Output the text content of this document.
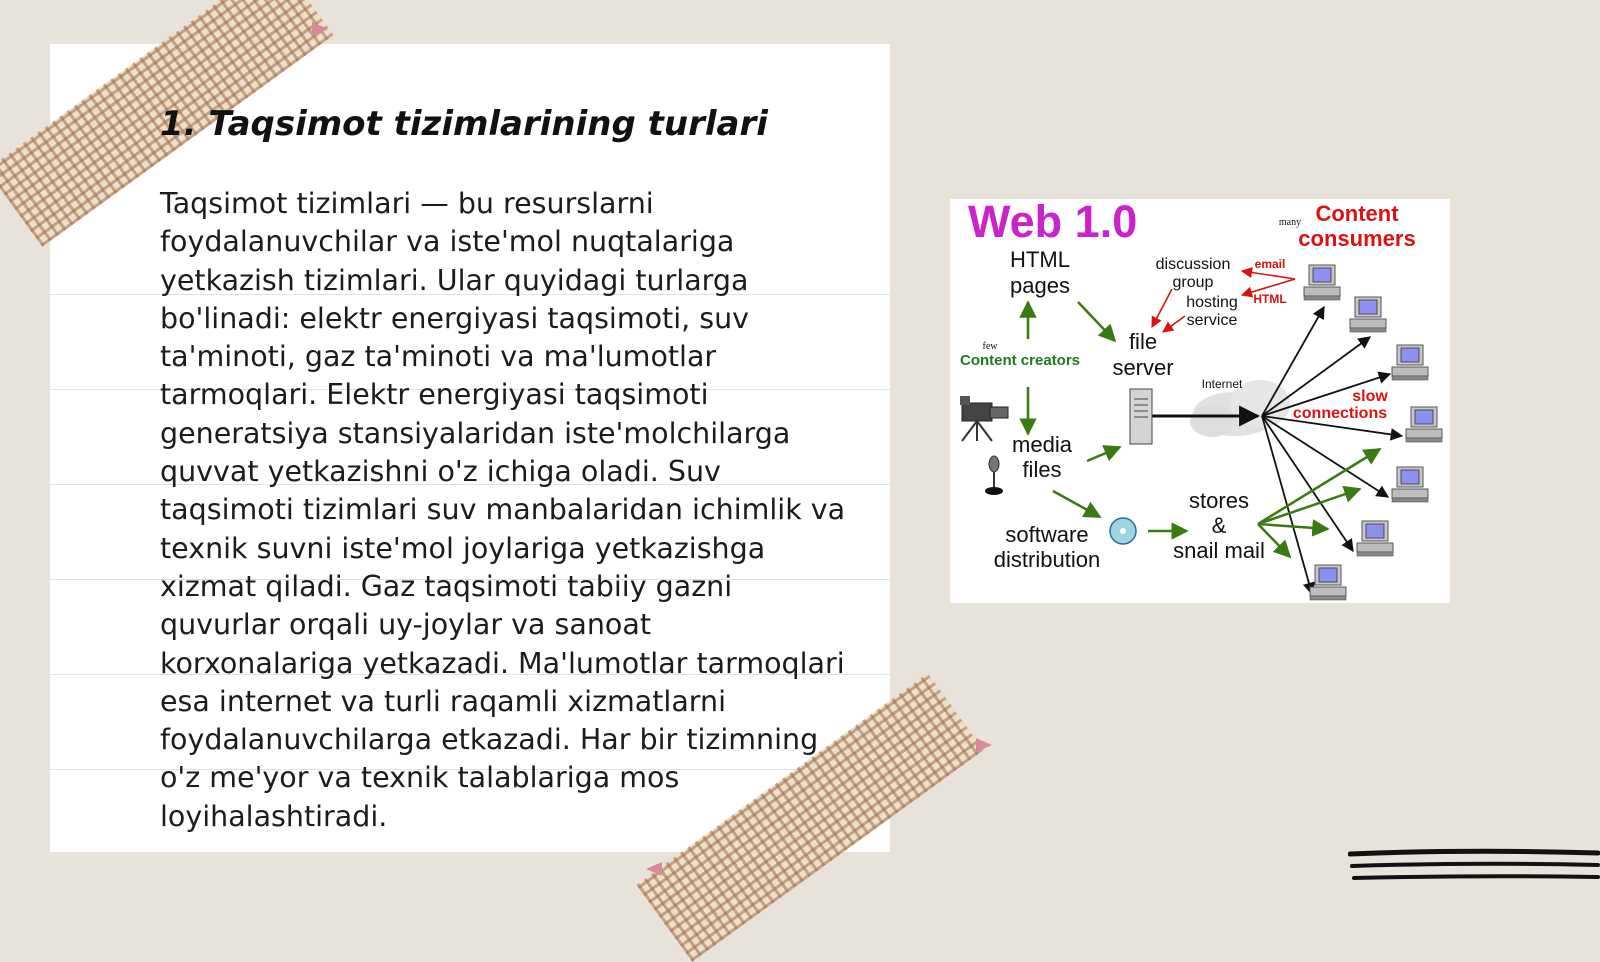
1. Taqsimot tizimlarining turlari

Taqsimot tizimlari — bu resurslarni foydalanuvchilar va iste'mol nuqtalariga yetkazish tizimlari. Ular quyidagi turlarga bo'linadi: elektr energiyasi taqsimoti, suv ta'minoti, gaz ta'minoti va ma'lumotlar tarmoqlari. Elektr energiyasi taqsimoti generatsiya stansiyalaridan iste'molchilarga quvvat yetkazishni o'z ichiga oladi. Suv taqsimoti tizimlari suv manbalaridan ichimlik va texnik suvni iste'mol joylariga yetkazishga xizmat qiladi. Gaz taqsimoti tabiiy gazni quvurlar orqali uy-joylar va sanoat korxonalariga yetkazadi. Ma'lumotlar tarmoqlari esa internet va turli raqamli xizmatlarni foydalanuvchilarga etkazadi. Har bir tizimning o'z me'yor va texnik talablariga mos loyihalashtiradi.

Web 1.0
HTML
pages
few
Content creators
media
files
software
distribution
discussion
group
hosting
service
file
server
Internet
stores
&
snail mail
many Content
consumers
email
HTML
slow
connections
